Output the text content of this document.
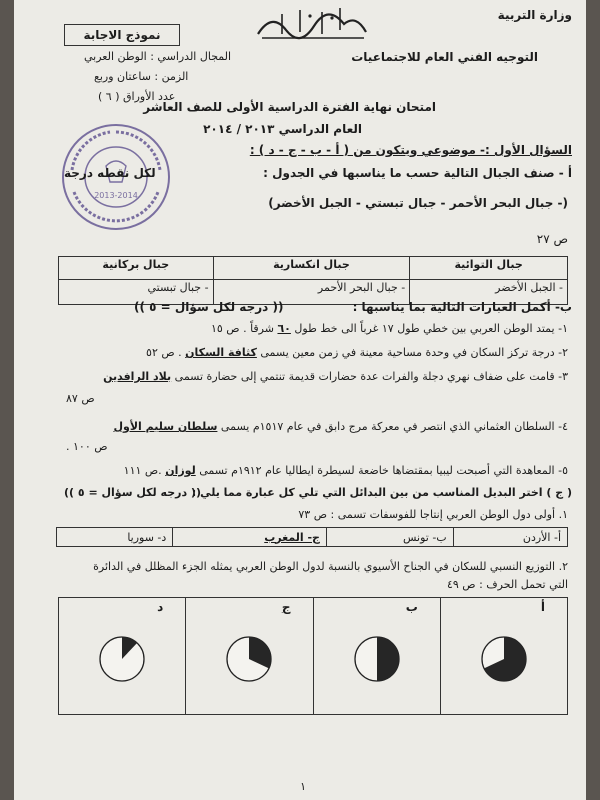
وزارة التربية
التوجيه الفني العام للاجتماعيات
نموذج الاجابة
المجال الدراسي : الوطن العربي
الزمن : ساعتان وربع
عدد الأوراق ( ٦ )
امتحان نهاية الفترة الدراسية الأولى للصف العاشر
العام الدراسي ٢٠١٣ / ٢٠١٤
2013-2014
السؤال الأول :- موضوعي ويتكون من ( أ - ب - ج - د ) :
أ - صنف الجبال التالية حسب ما يناسبها في الجدول :
لكل نقطه درجة
(- جبال البحر الأحمر - جبال تبستي - الجبل الأخضر)
ص ٢٧
جبال التوائية	جبال انكسارية	جبال بركانية
- الجبل الأخضر	- جبال البحر الأحمر	- جبال تبستي
ب- أكمل العبارات التالية بما يناسبها :
(( درجه لكل سؤال = ٥ ))
١- يمتد الوطن العربي بين خطي طول ١٧ غرباً الى خط طول ٦٠ شرقاً . ص ١٥
٢- درجة تركز السكان في وحدة مساحية معينة في زمن معين يسمى كثافة السكان . ص ٥٢
٣- قامت على ضفاف نهري دجلة والفرات عدة حضارات قديمة تنتمي إلى حضارة تسمى بلاد الرافدين
ص ٨٧
٤- السلطان العثماني الذي انتصر في معركة مرج دابق في عام ١٥١٧م يسمى سلطان سليم الأول
ص ١٠٠ .
٥- المعاهدة التي أصبحت ليبيا بمقتضاها خاضعة لسيطرة ايطاليا عام ١٩١٢م تسمى لوزان .ص ١١١
( ج ) اختر البديل المناسب من بين البدائل التي تلي كل عبارة مما يلي :
(( درجه لكل سؤال = ٥ ))
١. أولى دول الوطن العربي إنتاجا للفوسفات تسمى : ص ٧٣
أ- الأردن	ب- تونس	ج- المغرب	د- سوريا
٢. التوزيع النسبي للسكان في الجناح الأسيوي بالنسبة لدول الوطن العربي يمثله الجزء المظلل في الدائرة
التي تحمل الحرف : ص ٤٩
أ

ب

ج

د
١
